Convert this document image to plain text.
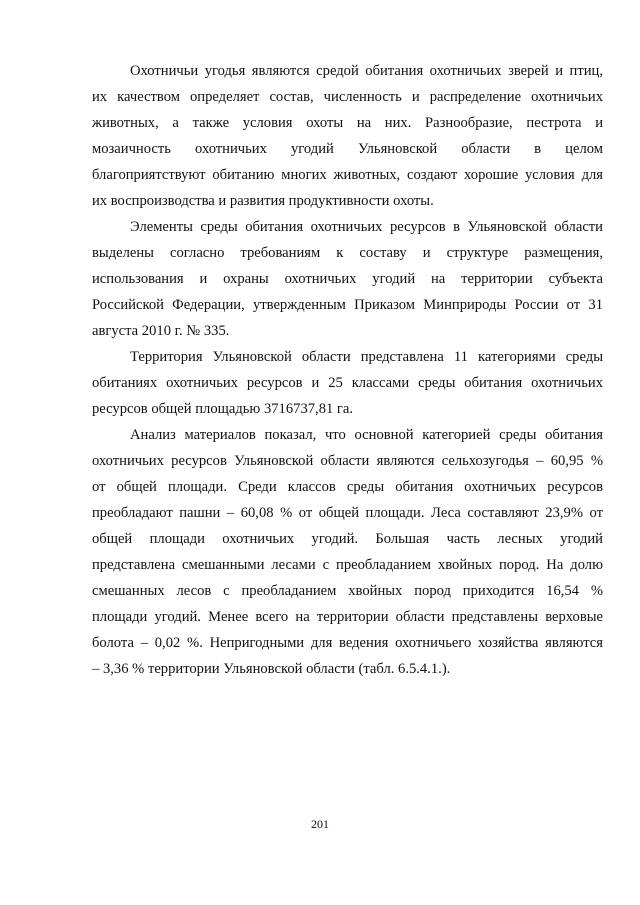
Охотничьи угодья являются средой обитания охотничьих зверей и птиц,
их качеством определяет состав, численность и распределение охотничьих
животных, а также условия охоты на них. Разнообразие, пестрота и
мозаичность охотничьих угодий Ульяновской области в целом
благоприятствуют обитанию многих животных, создают хорошие условия для
их воспроизводства и развития продуктивности охоты.
Элементы среды обитания охотничьих ресурсов в Ульяновской области
выделены согласно требованиям к составу и структуре размещения,
использования и охраны охотничьих угодий на территории субъекта
Российской Федерации, утвержденным Приказом Минприроды России от 31
августа 2010 г. № 335.
Территория Ульяновской области представлена 11 категориями среды
обитаниях охотничьих ресурсов и 25 классами среды обитания охотничьих
ресурсов общей площадью 3716737,81 га.
Анализ материалов показал, что основной категорией среды обитания
охотничьих ресурсов Ульяновской области являются сельхозугодья – 60,95 %
от общей площади. Среди классов среды обитания охотничьих ресурсов
преобладают пашни – 60,08 % от общей площади. Леса составляют 23,9% от
общей площади охотничьих угодий. Большая часть лесных угодий
представлена смешанными лесами с преобладанием хвойных пород. На долю
смешанных лесов с преобладанием хвойных пород приходится 16,54 %
площади угодий. Менее всего на территории области представлены верховые
болота – 0,02 %. Непригодными для ведения охотничьего хозяйства являются
– 3,36 % территории Ульяновской области (табл. 6.5.4.1.).
201
